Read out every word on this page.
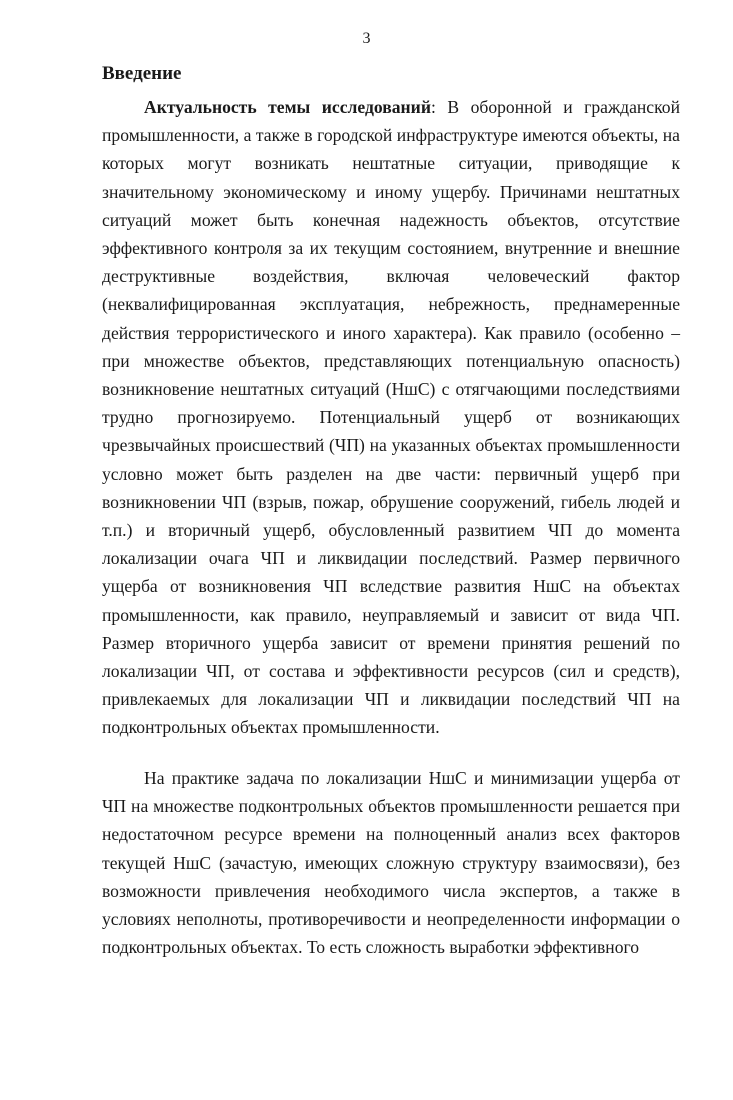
3
Введение

Актуальность темы исследований: В оборонной и гражданской промышленности, а также в городской инфраструктуре имеются объекты, на которых могут возникать нештатные ситуации, приводящие к значительному экономическому и иному ущербу. Причинами нештатных ситуаций может быть конечная надежность объектов, отсутствие эффективного контроля за их текущим состоянием, внутренние и внешние деструктивные воздействия, включая человеческий фактор (неквалифицированная эксплуатация, небрежность, преднамеренные действия террористического и иного характера). Как правило (особенно – при множестве объектов, представляющих потенциальную опасность) возникновение нештатных ситуаций (НшС) с отягчающими последствиями трудно прогнозируемо. Потенциальный ущерб от возникающих чрезвычайных происшествий (ЧП) на указанных объектах промышленности условно может быть разделен на две части: первичный ущерб при возникновении ЧП (взрыв, пожар, обрушение сооружений, гибель людей и т.п.) и вторичный ущерб, обусловленный развитием ЧП до момента локализации очага ЧП и ликвидации последствий. Размер первичного ущерба от возникновения ЧП вследствие развития НшС на объектах промышленности, как правило, неуправляемый и зависит от вида ЧП. Размер вторичного ущерба зависит от времени принятия решений по локализации ЧП, от состава и эффективности ресурсов (сил и средств), привлекаемых для локализации ЧП и ликвидации последствий ЧП на подконтрольных объектах промышленности.

На практике задача по локализации НшС и минимизации ущерба от ЧП на множестве подконтрольных объектов промышленности решается при недостаточном ресурсе времени на полноценный анализ всех факторов текущей НшС (зачастую, имеющих сложную структуру взаимосвязи), без возможности привлечения необходимого числа экспертов, а также в условиях неполноты, противоречивости и неопределенности информации о подконтрольных объектах. То есть сложность выработки эффективного
